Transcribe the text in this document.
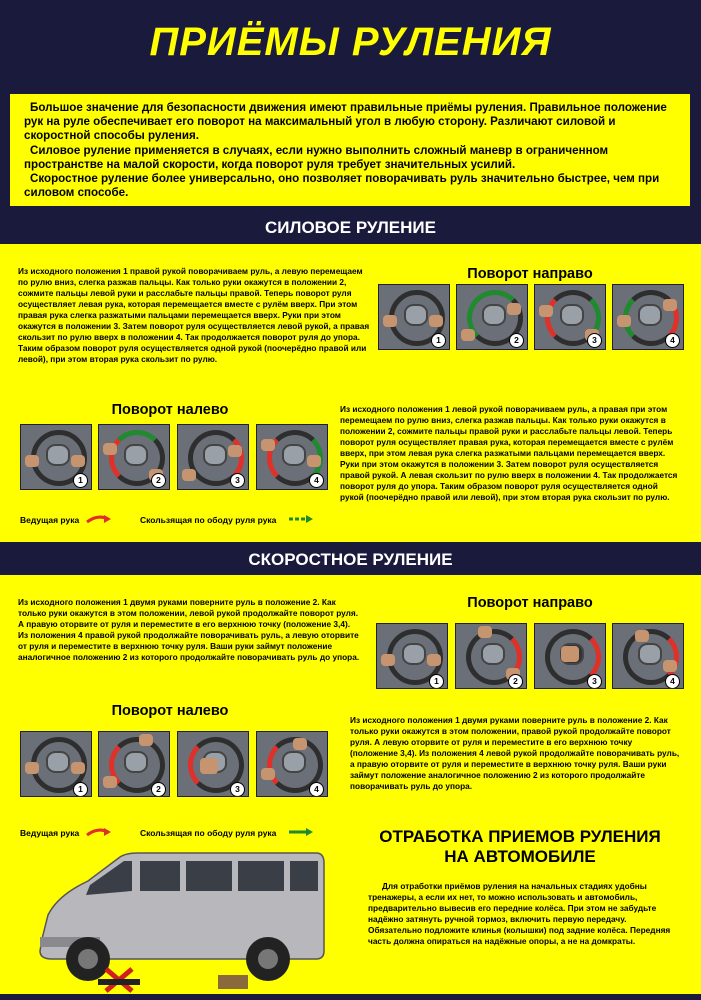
ПРИЁМЫ РУЛЕНИЯ

Большое значение для безопасности движения имеют правильные приёмы руления. Правильное положение рук на руле обеспечивает его поворот на максимальный угол в любую сторону. Различают силовой и скоростной способы руления.

Силовое руление применяется в случаях, если нужно выполнить сложный маневр в ограниченном пространстве на малой скорости, когда поворот руля требует значительных усилий.

Скоростное руление более универсально, оно позволяет поворачивать руль значительно быстрее, чем при силовом способе.

СИЛОВОЕ РУЛЕНИЕ

Из исходного положения 1 правой рукой поворачиваем руль, а левую перемещаем по рулю вниз, слегка разжав пальцы. Как только руки окажутся в положении 2, сожмите пальцы левой руки и расслабьте пальцы правой. Теперь поворот руля осуществляет левая рука, которая перемещается вместе с рулём вверх. При этом правая рука слегка разжатыми пальцами перемещается вверх. Руки при этом окажутся в положении 3. Затем поворот руля осуществляется левой рукой, а правая скользит по рулю вверх в положении 4. Так продолжается поворот руля до упора. Таким образом поворот руля осуществляется одной рукой (поочерёдно правой или левой), при этом вторая рука скользит по рулю.

Поворот направо
1	2	3	4
Поворот налево
1	2	3	4

Из исходного положения 1 левой рукой поворачиваем руль, а правая при этом перемещаем по рулю вниз, слегка разжав пальцы. Как только руки окажутся в положении 2, сожмите пальцы правой руки и расслабьте пальцы левой. Теперь поворот руля осуществляет правая рука, которая перемещается вместе с рулём вверх, при этом левая рука слегка разжатыми пальцами перемещается вверх. Руки при этом окажутся в положении 3. Затем поворот руля осуществляется правой рукой. А левая скользит по рулю вверх в положении 4. Так продолжается поворот руля до упора. Таким образом поворот руля осуществляется одной рукой (поочерёдно правой или левой), при этом вторая рука скользит по рулю.

Ведущая рука	Скользящая по ободу руля рука
СКОРОСТНОЕ РУЛЕНИЕ

Из исходного положения 1 двумя руками поверните руль в положение 2. Как только руки окажутся в этом положении, левой рукой продолжайте поворот руля. А правую оторвите от руля и переместите в его верхнюю точку (положение 3,4). Из положения 4 правой рукой продолжайте поворачивать руль, а левую оторвите от руля и переместите в верхнюю точку руля. Ваши руки займут положение аналогичное положению 2 из которого продолжайте поворачивать руль до упора.

Поворот направо
1	2	3	4
Поворот налево
1	2	3	4

Из исходного положения 1 двумя руками поверните руль в положение 2. Как только руки окажутся в этом положении, правой рукой продолжайте поворот руля. А левую оторвите от руля и переместите в его верхнюю точку (положение 3,4). Из положения 4 левой рукой продолжайте поворачивать руль, а правую оторвите от руля и переместите в верхнюю точку руля. Ваши руки займут положение аналогичное положению 2 из которого продолжайте поворачивать руль до упора.

Ведущая рука	Скользящая по ободу руля рука	ОТРАБОТКА ПРИЕМОВ РУЛЕНИЯ
НА АВТОМОБИЛЕ

Для отработки приёмов руления на начальных стадиях удобны тренажеры, а если их нет, то можно использовать и автомобиль, предварительно вывесив его передние колёса. При этом не забудьте надёжно затянуть ручной тормоз, включить первую передачу. Обязательно подложите клинья (колышки) под задние колёса. Передняя часть должна опираться на надёжные опоры, а не на домкраты.
